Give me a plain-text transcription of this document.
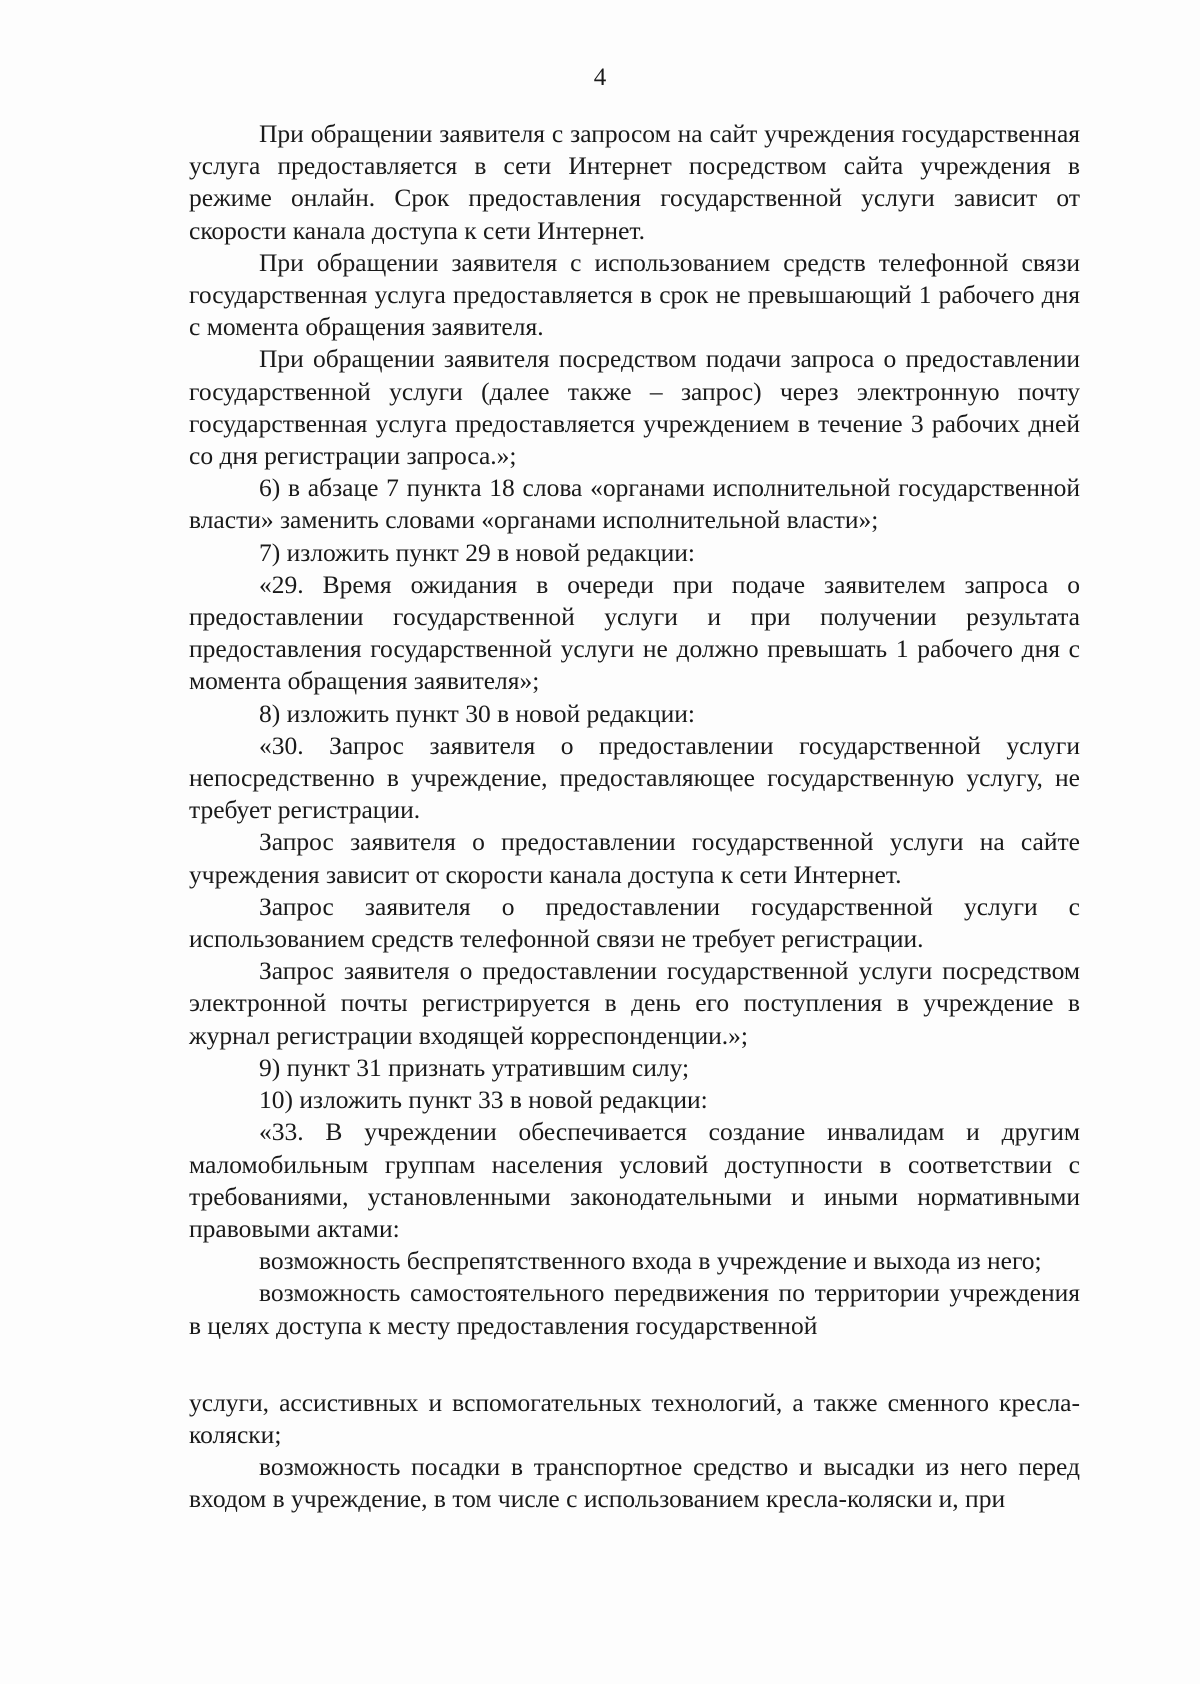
4

При обращении заявителя с запросом на сайт учреждения государственная услуга предоставляется в сети Интернет посредством сайта учреждения в режиме онлайн. Срок предоставления государственной услуги зависит от скорости канала доступа к сети Интернет.

При обращении заявителя с использованием средств телефонной связи государственная услуга предоставляется в срок не превышающий 1 рабочего дня с момента обращения заявителя.

При обращении заявителя посредством подачи запроса о предоставлении государственной услуги (далее также – запрос) через электронную почту государственная услуга предоставляется учреждением в течение 3 рабочих дней со дня регистрации запроса.»;

6) в абзаце 7 пункта 18 слова «органами исполнительной государственной власти» заменить словами «органами исполнительной власти»;

7) изложить пункт 29 в новой редакции:

«29. Время ожидания в очереди при подаче заявителем запроса о предоставлении государственной услуги и при получении результата предоставления государственной услуги не должно превышать 1 рабочего дня с момента обращения заявителя»;

8) изложить пункт 30 в новой редакции:

«30. Запрос заявителя о предоставлении государственной услуги непосредственно в учреждение, предоставляющее государственную услугу, не требует регистрации.

Запрос заявителя о предоставлении государственной услуги на сайте учреждения зависит от скорости канала доступа к сети Интернет.

Запрос заявителя о предоставлении государственной услуги с использованием средств телефонной связи не требует регистрации.

Запрос заявителя о предоставлении государственной услуги посредством электронной почты регистрируется в день его поступления в учреждение в журнал регистрации входящей корреспонденции.»;

9) пункт 31 признать утратившим силу;

10) изложить пункт 33 в новой редакции:

«33. В учреждении обеспечивается создание инвалидам и другим маломобильным группам населения условий доступности в соответствии с требованиями, установленными законодательными и иными нормативными правовыми актами:

возможность беспрепятственного входа в учреждение и выхода из него;

возможность самостоятельного передвижения по территории учреждения в целях доступа к месту предоставления государственной

услуги, ассистивных и вспомогательных технологий, а также сменного кресла-коляски;

возможность посадки в транспортное средство и высадки из него перед входом в учреждение, в том числе с использованием кресла-коляски и, при
